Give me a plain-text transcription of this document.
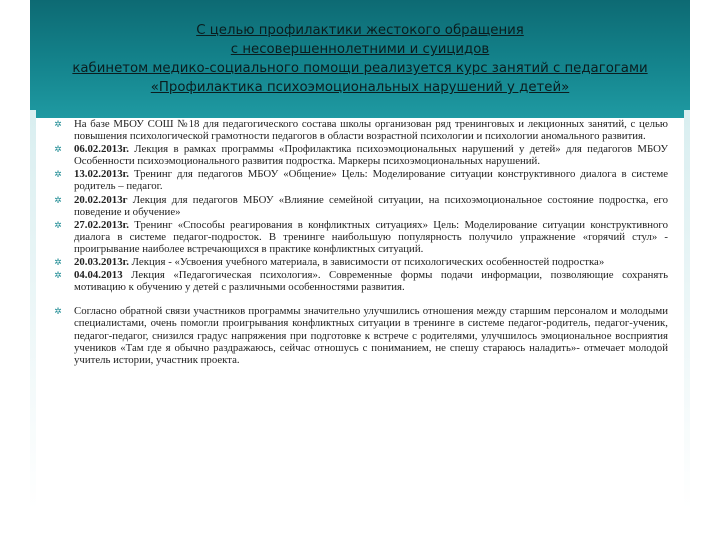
С целью профилактики жестокого обращения
с несовершеннолетними и суицидов
кабинетом медико-социального помощи реализуется курс занятий с педагогами
«Профилактика психоэмоциональных нарушений у детей»
✲ На базе МБОУ СОШ №18 для педагогического состава школы организован ряд тренинговых и лекционных занятий, с целью повышения психологической грамотности педагогов в области возрастной психологии и психологии аномального развития.
✲ 06.02.2013г. Лекция в рамках программы «Профилактика психоэмоциональных нарушений у детей» для педагогов МБОУ Особенности психоэмоционального развития подростка. Маркеры психоэмоциональных нарушений.
✲ 13.02.2013г. Тренинг для педагогов МБОУ «Общение» Цель: Моделирование ситуации конструктивного диалога в системе родитель – педагог.
✲ 20.02.2013г Лекция для педагогов МБОУ «Влияние семейной ситуации, на психоэмоциональное состояние подростка, его поведение и обучение»
✲ 27.02.2013г. Тренинг «Способы реагирования в конфликтных ситуациях» Цель: Моделирование ситуации конструктивного диалога в системе педагог-подросток. В тренинге наибольшую популярность получило упражнение «горячий стул» - проигрывание наиболее встречающихся в практике конфликтных ситуаций.
✲ 20.03.2013г. Лекция - «Усвоения учебного материала, в зависимости от психологических особенностей подростка»
✲ 04.04.2013 Лекция «Педагогическая психология». Современные формы подачи информации, позволяющие сохранять мотивацию к обучению у детей с различными особенностями развития.
✲ Согласно обратной связи участников программы значительно улучшились отношения между старшим персоналом и молодыми специалистами, очень помогли проигрывания конфликтных ситуации в тренинге в системе педагог-родитель, педагог-ученик, педагог-педагог, снизился градус напряжения при подготовке к встрече с родителями, улучшилось эмоциональное восприятия учеников «Там где я обычно раздражаюсь, сейчас отношусь с пониманием, не спешу стараюсь наладить»- отмечает молодой учитель истории, участник проекта.
